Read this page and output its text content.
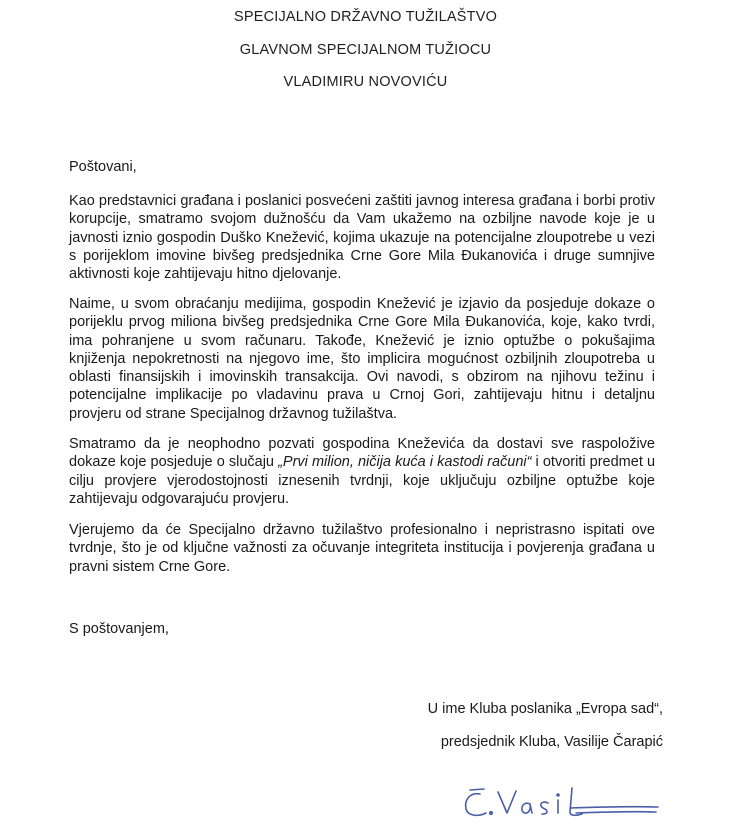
SPECIJALNO DRŽAVNO TUŽILAŠTVO
GLAVNOM SPECIJALNOM TUŽIOCU
VLADIMIRU NOVOVIĆU
Poštovani,

Kao predstavnici građana i poslanici posvećeni zaštiti javnog interesa građana i borbi protiv korupcije, smatramo svojom dužnošću da Vam ukažemo na ozbiljne navode koje je u javnosti iznio gospodin Duško Knežević, kojima ukazuje na potencijalne zloupotrebe u vezi s porijeklom imovine bivšeg predsjednika Crne Gore Mila Đukanovića i druge sumnjive aktivnosti koje zahtijevaju hitno djelovanje.

Naime, u svom obraćanju medijima, gospodin Knežević je izjavio da posjeduje dokaze o porijeklu prvog miliona bivšeg predsjednika Crne Gore Mila Đukanovića, koje, kako tvrdi, ima pohranjene u svom računaru. Takođe, Knežević je iznio optužbe o pokušajima knjiženja nepokretnosti na njegovo ime, što implicira mogućnost ozbiljnih zloupotreba u oblasti finansijskih i imovinskih transakcija. Ovi navodi, s obzirom na njihovu težinu i potencijalne implikacije po vladavinu prava u Crnoj Gori, zahtijevaju hitnu i detaljnu provjeru od strane Specijalnog državnog tužilaštva.

Smatramo da je neophodno pozvati gospodina Kneževića da dostavi sve raspoložive dokaze koje posjeduje o slučaju „Prvi milion, ničija kuća i kastodi računi“ i otvoriti predmet u cilju provjere vjerodostojnosti iznesenih tvrdnji, koje uključuju ozbiljne optužbe koje zahtijevaju odgovarajuću provjeru.

Vjerujemo da će Specijalno državno tužilaštvo profesionalno i nepristrasno ispitati ove tvrdnje, što je od ključne važnosti za očuvanje integriteta institucija i povjerenja građana u pravni sistem Crne Gore.

S poštovanjem,
U ime Kluba poslanika „Evropa sad“,
predsjednik Kluba, Vasilije Čarapić
